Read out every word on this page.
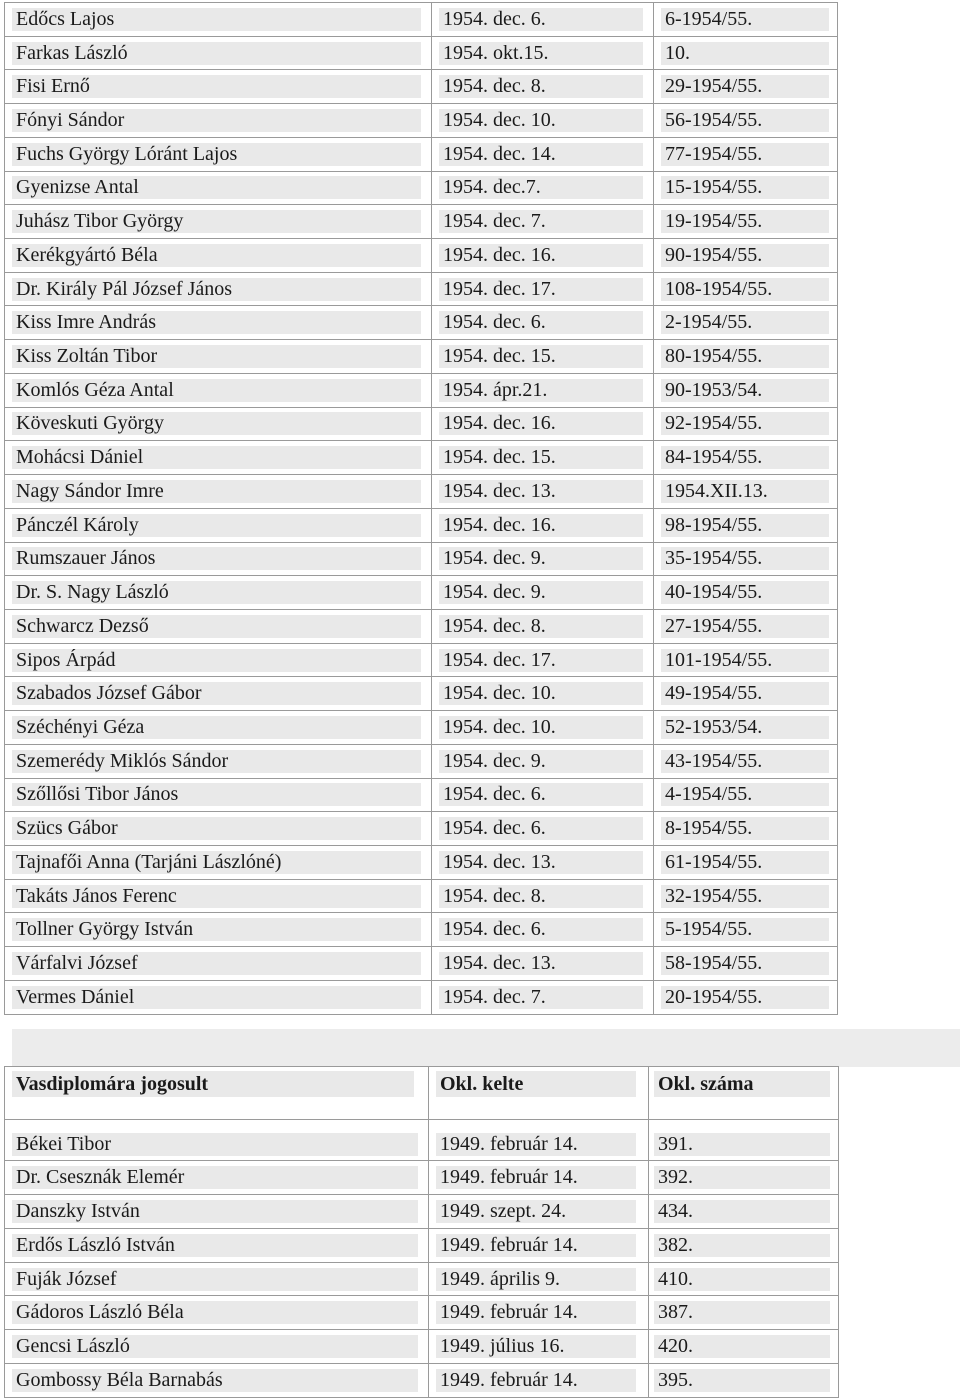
Edőcs Lajos	1954. dec. 6.	6-1954/55.

Farkas László	1954. okt.15.	10.

Fisi Ernő	1954. dec. 8.	29-1954/55.

Fónyi Sándor	1954. dec. 10.	56-1954/55.

Fuchs György Lóránt Lajos	1954. dec. 14.	77-1954/55.

Gyenizse Antal	1954. dec.7.	15-1954/55.

Juhász Tibor György	1954. dec. 7.	19-1954/55.

Kerékgyártó Béla	1954. dec. 16.	90-1954/55.

Dr. Király Pál József János	1954. dec. 17.	108-1954/55.

Kiss Imre András	1954. dec. 6.	2-1954/55.

Kiss Zoltán Tibor	1954. dec. 15.	80-1954/55.

Komlós Géza Antal	1954. ápr.21.	90-1953/54.

Köveskuti György	1954. dec. 16.	92-1954/55.

Mohácsi Dániel	1954. dec. 15.	84-1954/55.

Nagy Sándor Imre	1954. dec. 13.	1954.XII.13.

Pánczél Károly	1954. dec. 16.	98-1954/55.

Rumszauer János	1954. dec. 9.	35-1954/55.

Dr. S. Nagy László	1954. dec. 9.	40-1954/55.

Schwarcz Dezső	1954. dec. 8.	27-1954/55.

Sipos Árpád	1954. dec. 17.	101-1954/55.

Szabados József Gábor	1954. dec. 10.	49-1954/55.

Széchényi Géza	1954. dec. 10.	52-1953/54.

Szemerédy Miklós Sándor	1954. dec. 9.	43-1954/55.

Szőllősi Tibor János	1954. dec. 6.	4-1954/55.

Szücs Gábor	1954. dec. 6.	8-1954/55.

Tajnafői Anna (Tarjáni Lászlóné)	1954. dec. 13.	61-1954/55.

Takáts János Ferenc	1954. dec. 8.	32-1954/55.

Tollner György István	1954. dec. 6.	5-1954/55.

Várfalvi József	1954. dec. 13.	58-1954/55.

Vermes Dániel	1954. dec. 7.	20-1954/55.
Vasdiplomára jogosult	Okl. kelte	Okl. száma

Békei Tibor	1949. február 14.	391.

Dr. Csesznák Elemér	1949. február 14.	392.

Danszky István	1949. szept. 24.	434.

Erdős László István	1949. február 14.	382.

Fuják József	1949. április 9.	410.

Gádoros László Béla	1949. február 14.	387.

Gencsi László	1949. július 16.	420.

Gombossy Béla Barnabás	1949. február 14.	395.
